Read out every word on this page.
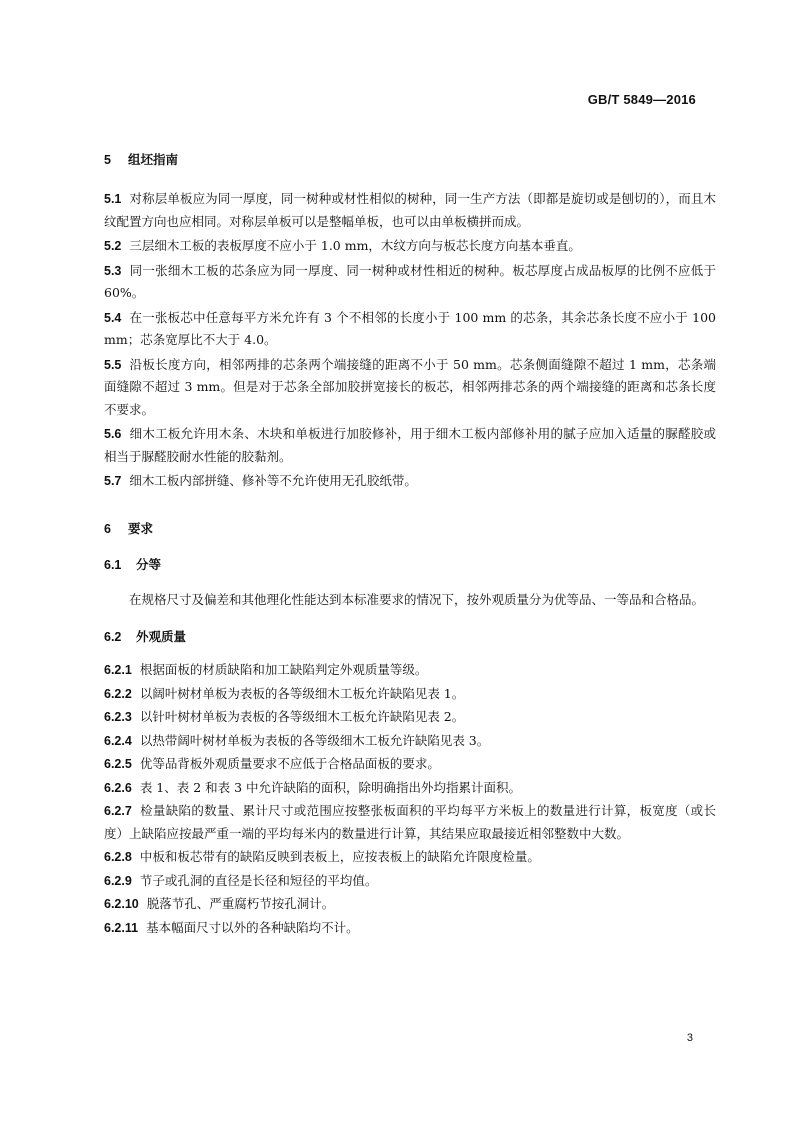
GB/T 5849—2016

5 组坯指南

5.1 对称层单板应为同一厚度，同一树种或材性相似的树种，同一生产方法（即都是旋切或是刨切的），而且木纹配置方向也应相同。对称层单板可以是整幅单板，也可以由单板横拼而成。

5.2 三层细木工板的表板厚度不应小于 1.0 mm，木纹方向与板芯长度方向基本垂直。

5.3 同一张细木工板的芯条应为同一厚度、同一树种或材性相近的树种。板芯厚度占成品板厚的比例不应低于 60%。

5.4 在一张板芯中任意每平方米允许有 3 个不相邻的长度小于 100 mm 的芯条，其余芯条长度不应小于 100 mm；芯条宽厚比不大于 4.0。

5.5 沿板长度方向，相邻两排的芯条两个端接缝的距离不小于 50 mm。芯条侧面缝隙不超过 1 mm，芯条端面缝隙不超过 3 mm。但是对于芯条全部加胶拼宽接长的板芯，相邻两排芯条的两个端接缝的距离和芯条长度不要求。

5.6 细木工板允许用木条、木块和单板进行加胶修补，用于细木工板内部修补用的腻子应加入适量的脲醛胶或相当于脲醛胶耐水性能的胶黏剂。

5.7 细木工板内部拼缝、修补等不允许使用无孔胶纸带。

6 要求

6.1 分等

在规格尺寸及偏差和其他理化性能达到本标准要求的情况下，按外观质量分为优等品、一等品和合格品。

6.2 外观质量

6.2.1 根据面板的材质缺陷和加工缺陷判定外观质量等级。

6.2.2 以阔叶树材单板为表板的各等级细木工板允许缺陷见表 1。

6.2.3 以针叶树材单板为表板的各等级细木工板允许缺陷见表 2。

6.2.4 以热带阔叶树材单板为表板的各等级细木工板允许缺陷见表 3。

6.2.5 优等品背板外观质量要求不应低于合格品面板的要求。

6.2.6 表 1、表 2 和表 3 中允许缺陷的面积，除明确指出外均指累计面积。

6.2.7 检量缺陷的数量、累计尺寸或范围应按整张板面积的平均每平方米板上的数量进行计算，板宽度（或长度）上缺陷应按最严重一端的平均每米内的数量进行计算，其结果应取最接近相邻整数中大数。

6.2.8 中板和板芯带有的缺陷反映到表板上，应按表板上的缺陷允许限度检量。

6.2.9 节子或孔洞的直径是长径和短径的平均值。

6.2.10 脱落节孔、严重腐朽节按孔洞计。

6.2.11 基本幅面尺寸以外的各种缺陷均不计。

3
